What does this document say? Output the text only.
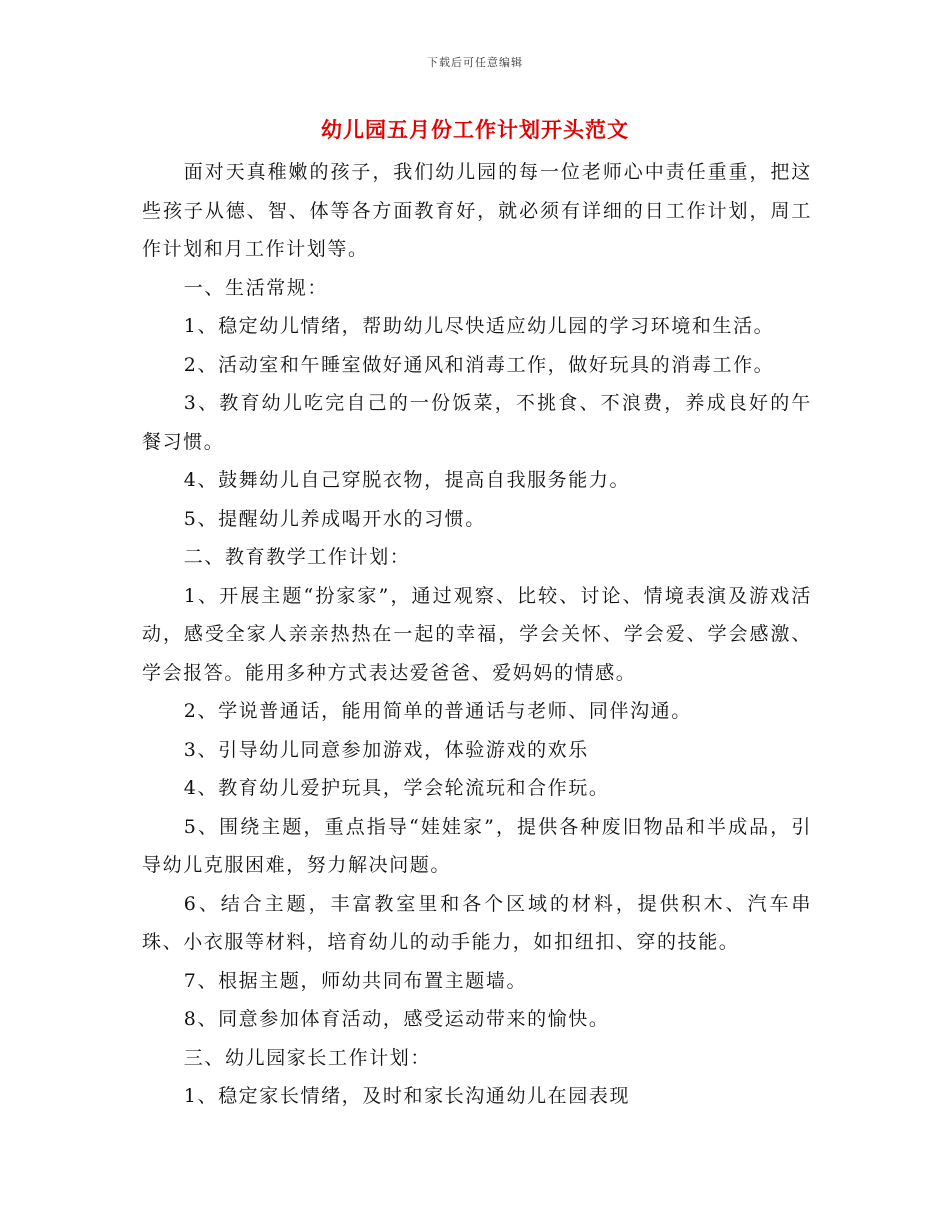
下载后可任意编辑
幼儿园五月份工作计划开头范文

面对天真稚嫩的孩子，我们幼儿园的每一位老师心中责任重重，把这些孩子从德、智、体等各方面教育好，就必须有详细的日工作计划，周工作计划和月工作计划等。

一、生活常规：

1、稳定幼儿情绪，帮助幼儿尽快适应幼儿园的学习环境和生活。

2、活动室和午睡室做好通风和消毒工作，做好玩具的消毒工作。

3、教育幼儿吃完自己的一份饭菜，不挑食、不浪费，养成良好的午餐习惯。

4、鼓舞幼儿自己穿脱衣物，提高自我服务能力。

5、提醒幼儿养成喝开水的习惯。

二、教育教学工作计划：

1、开展主题“扮家家”，通过观察、比较、讨论、情境表演及游戏活动，感受全家人亲亲热热在一起的幸福，学会关怀、学会爱、学会感激、学会报答。能用多种方式表达爱爸爸、爱妈妈的情感。

2、学说普通话，能用简单的普通话与老师、同伴沟通。

3、引导幼儿同意参加游戏，体验游戏的欢乐

4、教育幼儿爱护玩具，学会轮流玩和合作玩。

5、围绕主题，重点指导“娃娃家”，提供各种废旧物品和半成品，引导幼儿克服困难，努力解决问题。

6、结合主题，丰富教室里和各个区域的材料，提供积木、汽车串珠、小衣服等材料，培育幼儿的动手能力，如扣纽扣、穿的技能。

7、根据主题，师幼共同布置主题墙。

8、同意参加体育活动，感受运动带来的愉快。

三、幼儿园家长工作计划：

1、稳定家长情绪，及时和家长沟通幼儿在园表现
